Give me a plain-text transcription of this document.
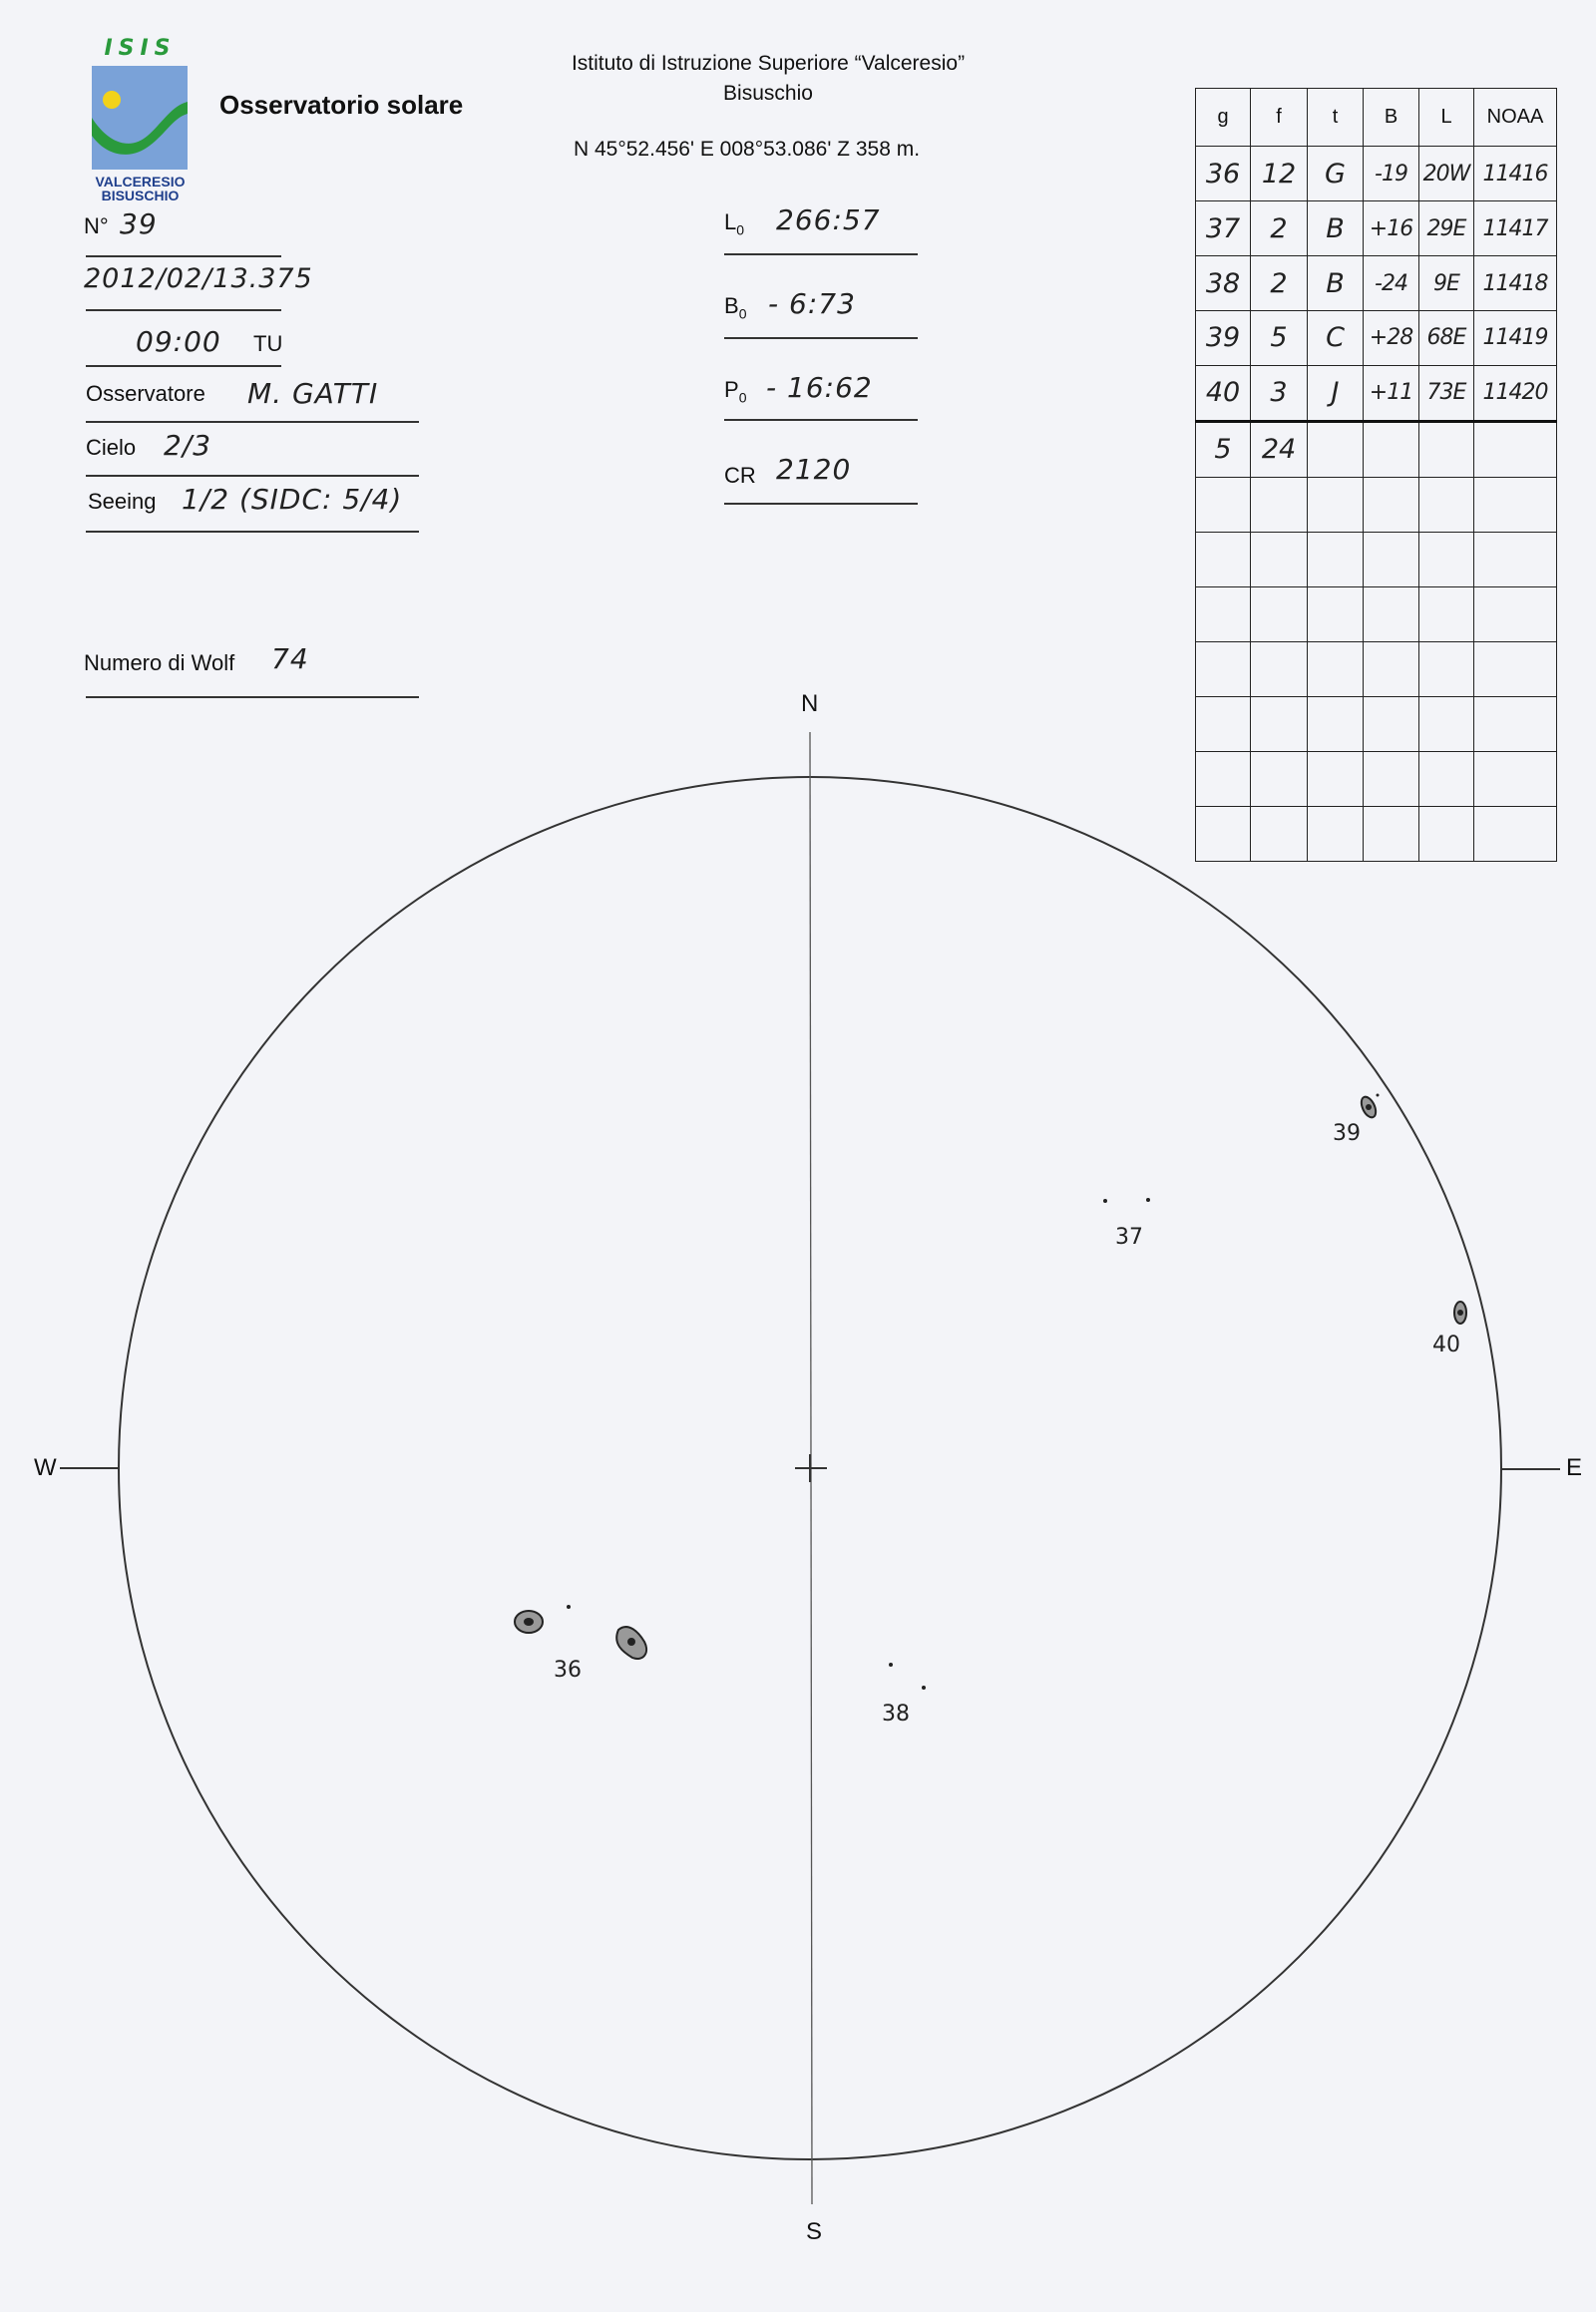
ISIS
VALCERESIO
BISUSCHIO
Osservatorio solare
Istituto di Istruzione Superiore “Valceresio”
Bisuschio
N 45°52.456' E 008°53.086' Z 358 m.
N° 39
2012/02/13.375
09:00 TU
Osservatore M. GATTI
Cielo 2/3
Seeing 1/2 (SIDC: 5/4)
Numero di Wolf 74
$L_0$ 266:57
$B_0$ - 6:73
$P_0$ - 16:62
CR 2120
g	f	t	B	L	NOAA
36	12	G	-19	20W	11416
37	2	B	+16	29E	11417
38	2	B	-24	9E	11418
39	5	C	+28	68E	11419
40	3	J	+11	73E	11420
5	24				

N
S
W	E
39
37
40
36
38
